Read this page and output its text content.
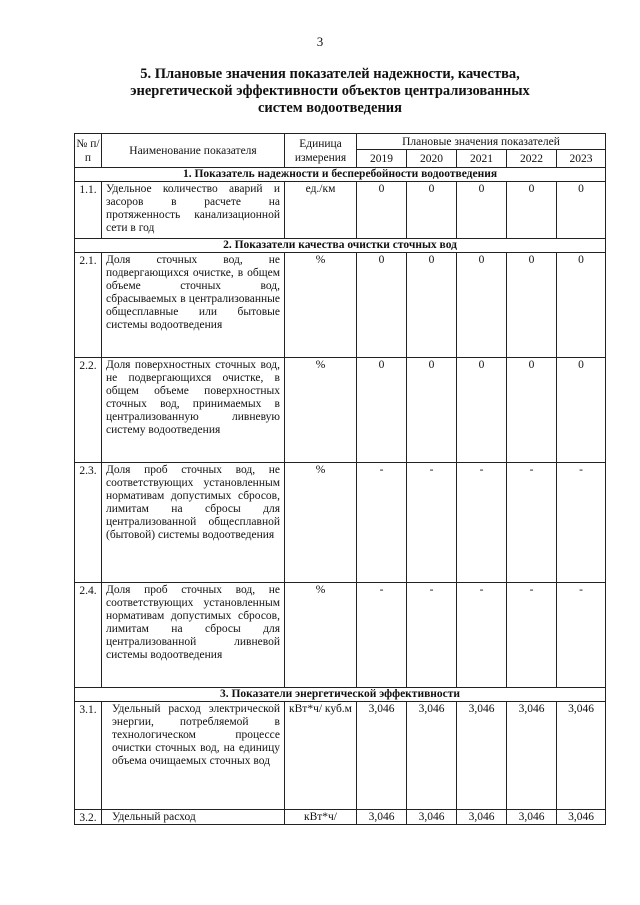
3
5. Плановые значения показателей надежности, качества,
энергетической эффективности объектов централизованных
систем водоотведения
№ п/п	Наименование показателя	Единица измерения	Плановые значения показателей				
			2019	2020	2021	2022	2023
1. Показатель надежности и бесперебойности водоотведения							
1.1.	Удельное количество аварий и засоров в расчете на протяженность канализационной сети в год	ед./км	0	0	0	0	0
2. Показатели качества очистки сточных вод							
2.1.	Доля сточных вод, не подвергающихся очистке, в общем объеме сточных вод, сбрасываемых в централизованные общесплавные или бытовые системы водоотведения	%	0	0	0	0	0
2.2.	Доля поверхностных сточных вод, не подвергающихся очистке, в общем объеме поверхностных сточных вод, принимаемых в централизованную ливневую систему водоотведения	%	0	0	0	0	0
2.3.	Доля проб сточных вод, не соответствующих установленным нормативам допустимых сбросов, лимитам на сбросы для централизованной общесплавной (бытовой) системы водоотведения	%	-	-	-	-	-
2.4.	Доля проб сточных вод, не соответствующих установленным нормативам допустимых сбросов, лимитам на сбросы для централизованной ливневой системы водоотведения	%	-	-	-	-	-
3. Показатели энергетической эффективности							
3.1.	Удельный расход электрической энергии, потребляемой в технологическом процессе очистки сточных вод, на единицу объема очищаемых сточных вод	кВт*ч/ куб.м	3,046	3,046	3,046	3,046	3,046
3.2.	Удельный расход	кВт*ч/	3,046	3,046	3,046	3,046	3,046
